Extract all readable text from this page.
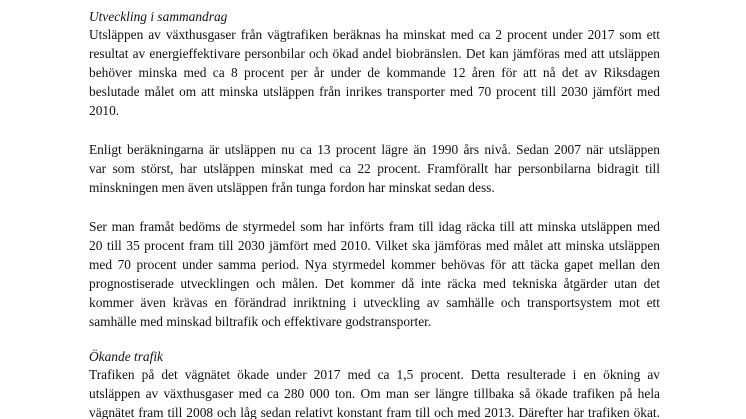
Utveckling i sammandrag
Utsläppen av växthusgaser från vägtrafiken beräknas ha minskat med ca 2 procent under 2017 som ett
resultat av energieffektivare personbilar och ökad andel biobränslen. Det kan jämföras med att utsläppen
behöver minska med ca 8 procent per år under de kommande 12 åren för att nå det av Riksdagen
beslutade målet om att minska utsläppen från inrikes transporter med 70 procent till 2030 jämfört med
2010.
Enligt beräkningarna är utsläppen nu ca 13 procent lägre än 1990 års nivå. Sedan 2007 när utsläppen
var som störst, har utsläppen minskat med ca 22 procent. Framförallt har personbilarna bidragit till
minskningen men även utsläppen från tunga fordon har minskat sedan dess.
Ser man framåt bedöms de styrmedel som har införts fram till idag räcka till att minska utsläppen med
20 till 35 procent fram till 2030 jämfört med 2010. Vilket ska jämföras med målet att minska utsläppen
med 70 procent under samma period. Nya styrmedel kommer behövas för att täcka gapet mellan den
prognostiserade utvecklingen och målen. Det kommer då inte räcka med tekniska åtgärder utan det
kommer även krävas en förändrad inriktning i utveckling av samhälle och transportsystem mot ett
samhälle med minskad biltrafik och effektivare godstransporter.
Ökande trafik
Trafiken på det vägnätet ökade under 2017 med ca 1,5 procent. Detta resulterade i en ökning av
utsläppen av växthusgaser med ca 280 000 ton. Om man ser längre tillbaka så ökade trafiken på hela
vägnätet fram till 2008 och låg sedan relativt konstant fram till och med 2013. Därefter har trafiken ökat.
